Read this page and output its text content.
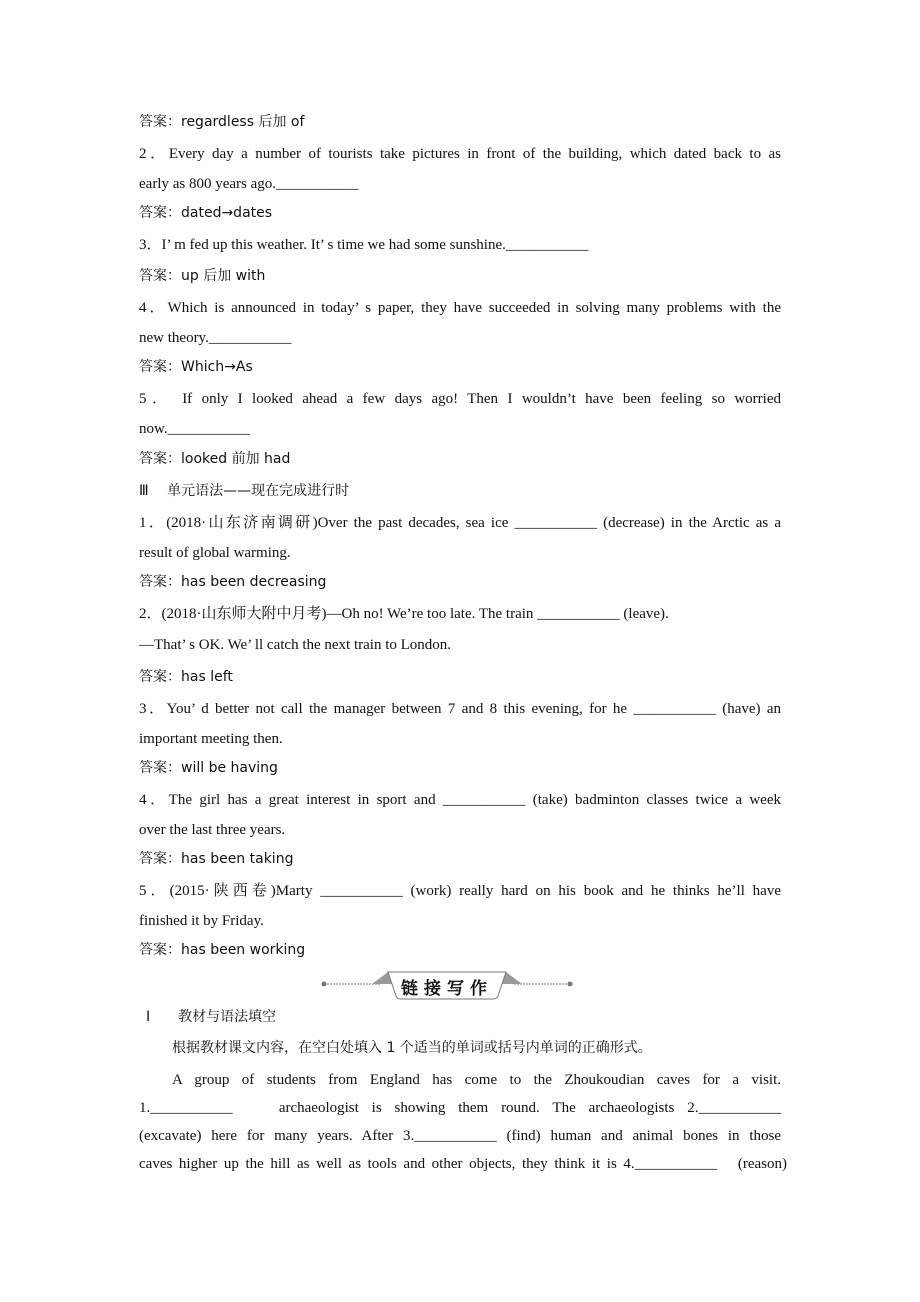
答案：regardless 后加 of
2．Every day a number of tourists take pictures in front of the building, which dated back to as
early as 800 years ago.___________
答案：dated→dates
3．I’ m fed up this weather. It’ s time we had some sunshine.___________
答案：up 后加 with
4．Which is announced in today’ s paper, they have succeeded in solving many problems with the
new theory.___________
答案：Which→As
5． If only I looked ahead a few days ago! Then I wouldn’t have been feeling so worried
now.___________
答案：looked 前加 had
Ⅲ　 单元语法——现在完成进行时
1．(2018·山东济南调研)Over the past decades, sea ice ___________ (decrease) in the Arctic as a
result of global warming.
答案：has been decreasing
2．(2018·山东师大附中月考)—Oh no! We’re too late. The train ___________ (leave).
—That’ s OK. We’ ll catch the next train to London.
答案：has left
3．You’ d better not call the manager between 7 and 8 this evening, for he ___________ (have) an
important meeting then.
答案：will be having
4．The girl has a great interest in sport and ___________ (take) badminton classes twice a week
over the last three years.
答案：has been taking
5．(2015·陕西卷)Marty ___________ (work) really hard on his book and he thinks he’ll have
finished it by Friday.
答案：has been working
链接写作
Ⅰ　　教材与语法填空
根据教材课文内容，在空白处填入 1 个适当的单词或括号内单词的正确形式。
A group of students from England has come to the Zhoukoudian caves for a visit.
1.___________　 archaeologist is showing them round. The archaeologists 2.___________
(excavate) here for many years. After 3.___________ (find) human and animal bones in those
caves higher up the hill as well as tools and other objects, they think it is 4.___________　(reason)
